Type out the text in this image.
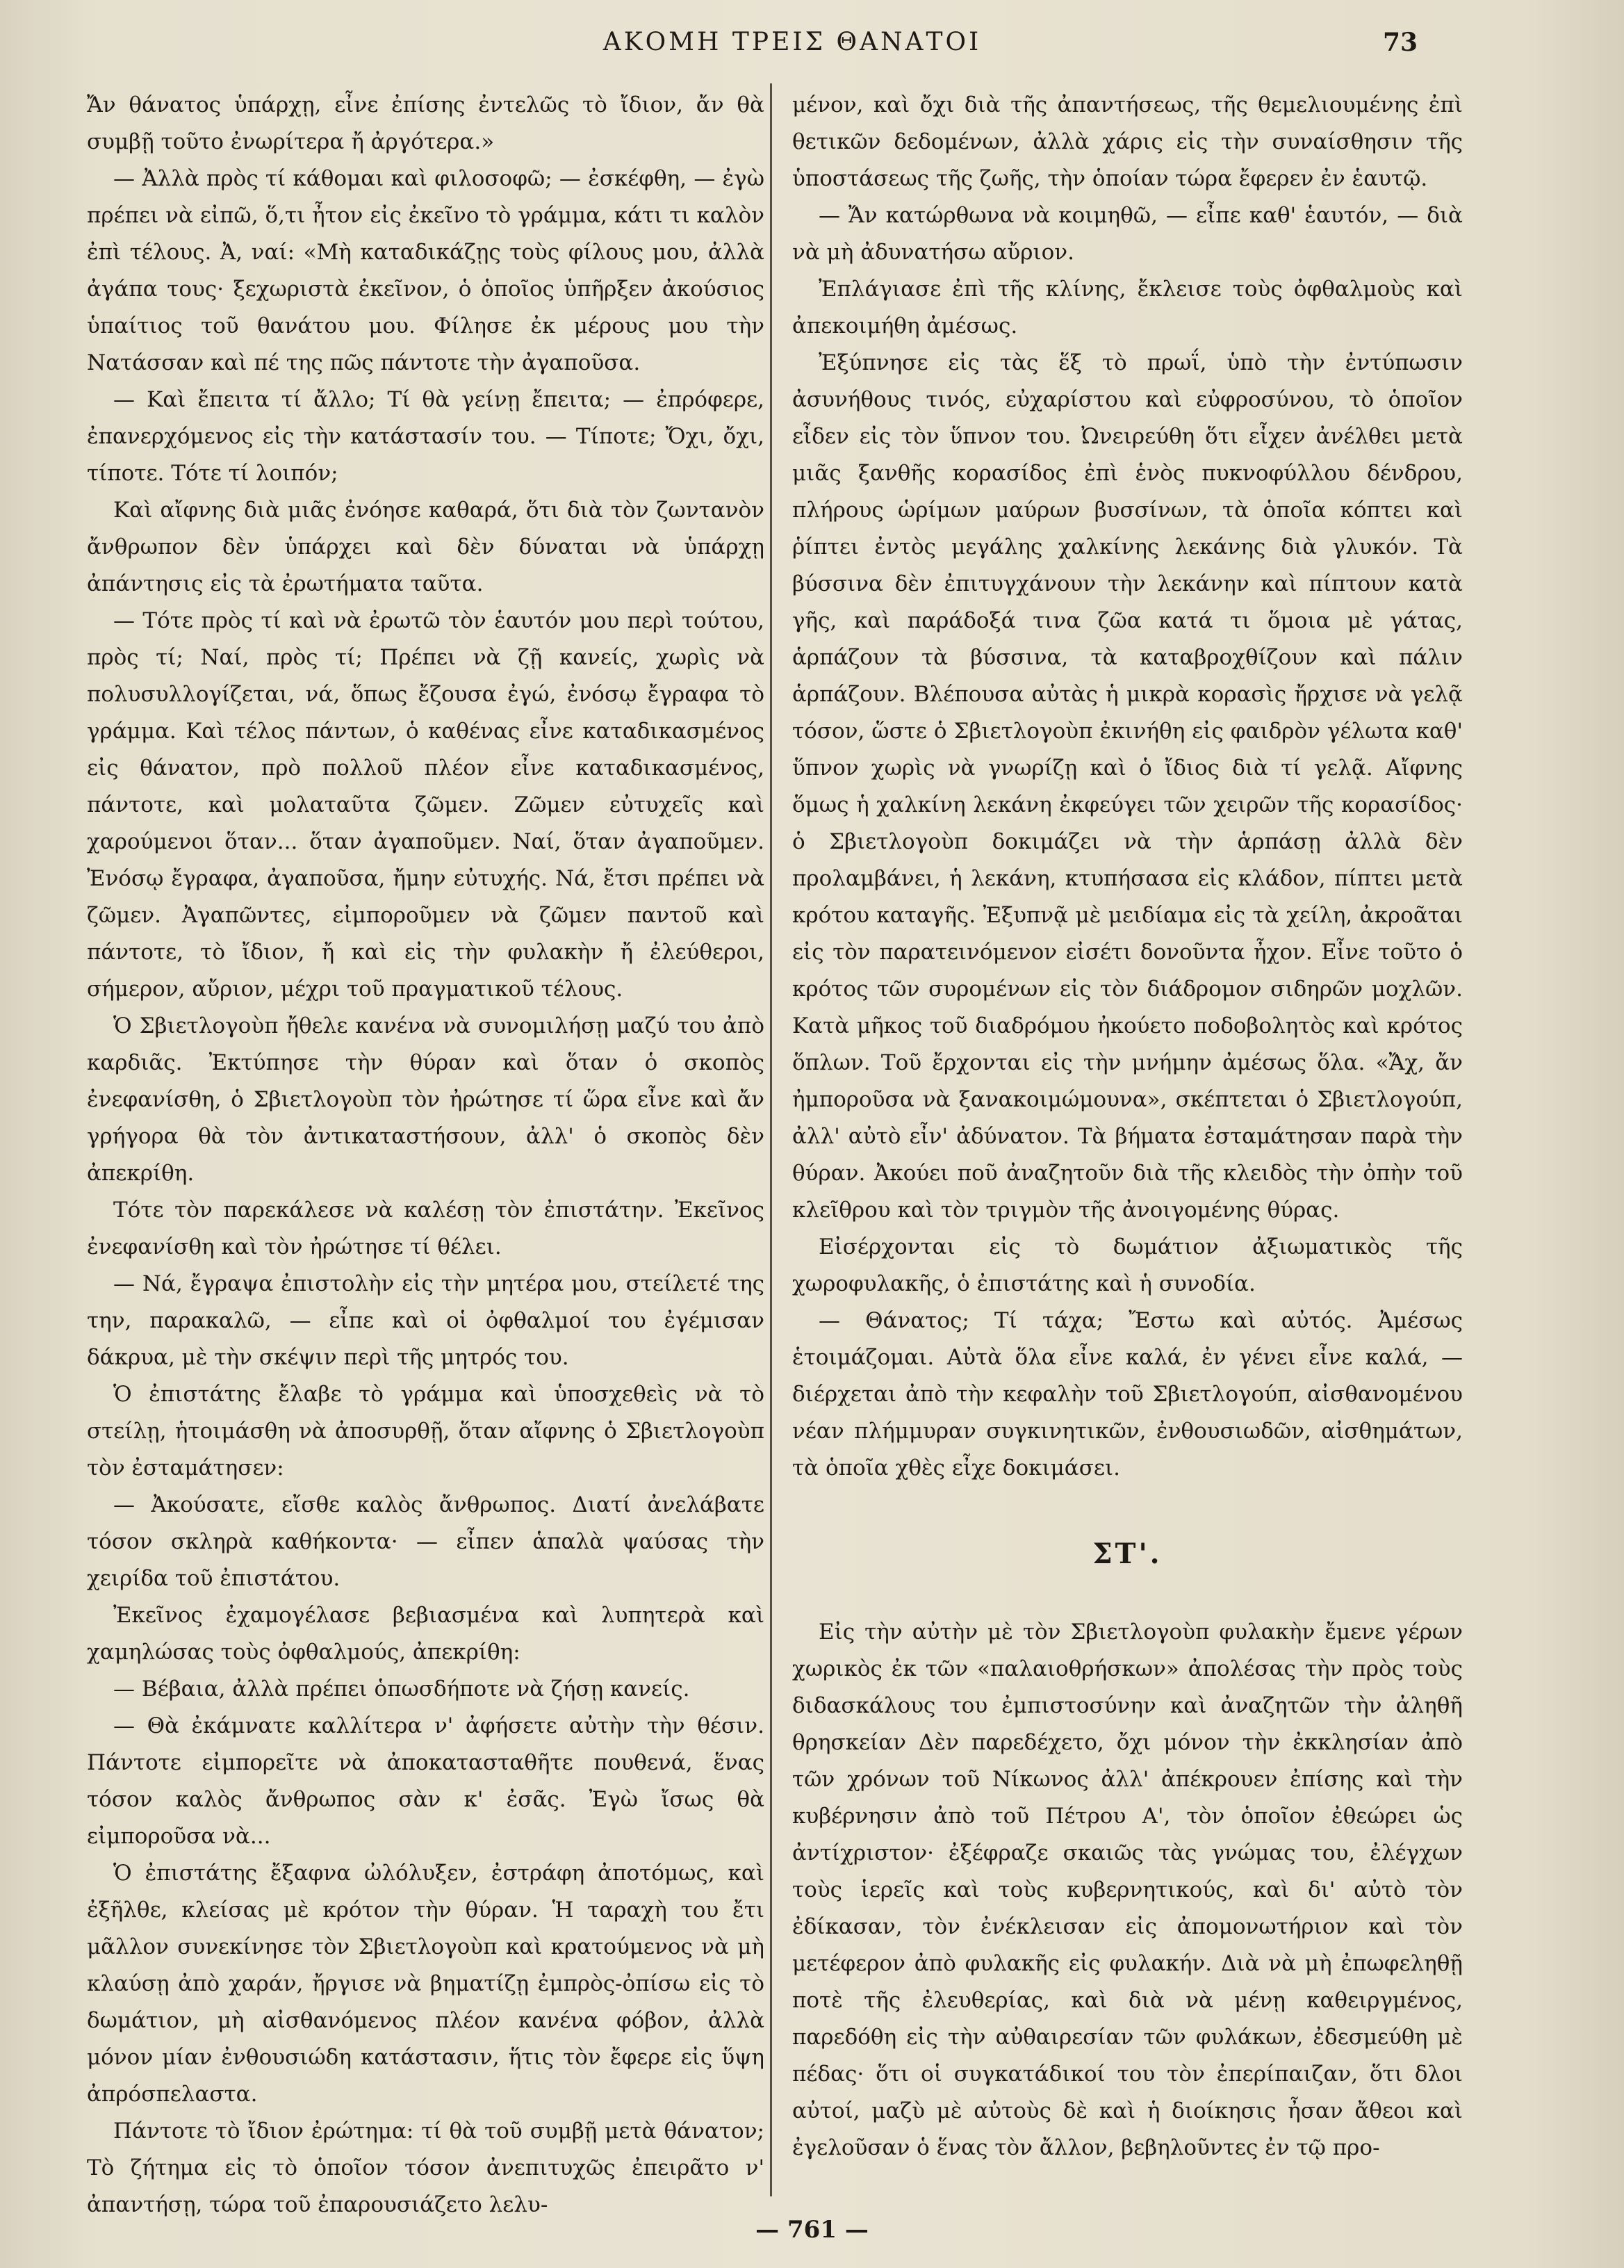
ΑΚΟΜΗ ΤΡΕΙΣ ΘΑΝΑΤΟΙ	73

Ἄν θάνατος ὑπάρχῃ, εἶνε ἐπίσης ἐντελῶς τὸ ἴδιον, ἄν θὰ συμβῇ τοῦτο ἐνωρίτερα ἤ ἀργότερα.»

— Ἀλλὰ πρὸς τί κάθομαι καὶ φιλοσοφῶ; — ἐσκέφθη, — ἐγὼ πρέπει νὰ εἰπῶ, ὅ,τι ἦτον εἰς ἐκεῖνο τὸ γράμμα, κάτι τι καλὸν ἐπὶ τέλους. Ἀ, ναί: «Μὴ καταδικάζῃς τοὺς φίλους μου, ἀλλὰ ἀγάπα τους· ξεχωριστὰ ἐκεῖνον, ὁ ὁποῖος ὑπῆρξεν ἀκούσιος ὑπαίτιος τοῦ θανάτου μου. Φίλησε ἐκ μέρους μου τὴν Νατάσσαν καὶ πέ της πῶς πάντοτε τὴν ἀγαποῦσα.

— Καὶ ἔπειτα τί ἄλλο; Τί θὰ γείνῃ ἔπειτα; — ἐπρόφερε, ἐπανερχόμενος εἰς τὴν κατάστασίν του. — Τίποτε; Ὄχι, ὄχι, τίποτε. Τότε τί λοιπόν;

Καὶ αἴφνης διὰ μιᾶς ἐνόησε καθαρά, ὅτι διὰ τὸν ζωντανὸν ἄνθρωπον δὲν ὑπάρχει καὶ δὲν δύναται νὰ ὑπάρχῃ ἀπάντησις εἰς τὰ ἐρωτήματα ταῦτα.

— Τότε πρὸς τί καὶ νὰ ἐρωτῶ τὸν ἑαυτόν μου περὶ τούτου, πρὸς τί; Ναί, πρὸς τί; Πρέπει νὰ ζῇ κανείς, χωρὶς νὰ πολυσυλλογίζεται, νά, ὅπως ἔζουσα ἐγώ, ἐνόσῳ ἔγραφα τὸ γράμμα. Καὶ τέλος πάντων, ὁ καθένας εἶνε καταδικασμένος εἰς θάνατον, πρὸ πολλοῦ πλέον εἶνε καταδικασμένος, πάντοτε, καὶ μολαταῦτα ζῶμεν. Ζῶμεν εὐτυχεῖς καὶ χαρούμενοι ὅταν... ὅταν ἀγαποῦμεν. Ναί, ὅταν ἀγαποῦμεν. Ἐνόσῳ ἔγραφα, ἀγαποῦσα, ἤμην εὐτυχής. Νά, ἔτσι πρέπει νὰ ζῶμεν. Ἀγαπῶντες, εἰμποροῦμεν νὰ ζῶμεν παντοῦ καὶ πάντοτε, τὸ ἴδιον, ἤ καὶ εἰς τὴν φυλακὴν ἤ ἐλεύθεροι, σήμερον, αὔριον, μέχρι τοῦ πραγματικοῦ τέλους.

Ὁ Σβιετλογοὺπ ἤθελε κανένα νὰ συνομιλήσῃ μαζύ του ἀπὸ καρδιᾶς. Ἐκτύπησε τὴν θύραν καὶ ὅταν ὁ σκοπὸς ἐνεφανίσθη, ὁ Σβιετλογοὺπ τὸν ἠρώτησε τί ὥρα εἶνε καὶ ἄν γρήγορα θὰ τὸν ἀντικαταστήσουν, ἀλλ' ὁ σκοπὸς δὲν ἀπεκρίθη.

Τότε τὸν παρεκάλεσε νὰ καλέσῃ τὸν ἐπιστάτην. Ἐκεῖνος ἐνεφανίσθη καὶ τὸν ἠρώτησε τί θέλει.

— Νά, ἔγραψα ἐπιστολὴν εἰς τὴν μητέρα μου, στείλετέ της την, παρακαλῶ, — εἶπε καὶ οἱ ὀφθαλμοί του ἐγέμισαν δάκρυα, μὲ τὴν σκέψιν περὶ τῆς μητρός του.

Ὁ ἐπιστάτης ἔλαβε τὸ γράμμα καὶ ὑποσχεθεὶς νὰ τὸ στείλῃ, ἡτοιμάσθη νὰ ἀποσυρθῇ, ὅταν αἴφνης ὁ Σβιετλογοὺπ τὸν ἐσταμάτησεν:

— Ἀκούσατε, εἴσθε καλὸς ἄνθρωπος. Διατί ἀνελάβατε τόσον σκληρὰ καθήκοντα· — εἶπεν ἁπαλὰ ψαύσας τὴν χειρίδα τοῦ ἐπιστάτου.

Ἐκεῖνος ἐχαμογέλασε βεβιασμένα καὶ λυπητερὰ καὶ χαμηλώσας τοὺς ὀφθαλμούς, ἀπεκρίθη:

— Βέβαια, ἀλλὰ πρέπει ὁπωσδήποτε νὰ ζήσῃ κανείς.

— Θὰ ἐκάμνατε καλλίτερα ν' ἀφήσετε αὐτὴν τὴν θέσιν. Πάντοτε εἰμπορεῖτε νὰ ἀποκατασταθῆτε πουθενά, ἕνας τόσον καλὸς ἄνθρωπος σὰν κ' ἐσᾶς. Ἐγὼ ἴσως θὰ εἰμποροῦσα νὰ...

Ὁ ἐπιστάτης ἔξαφνα ὠλόλυξεν, ἐστράφη ἀποτόμως, καὶ ἐξῆλθε, κλείσας μὲ κρότον τὴν θύραν. Ἡ ταραχὴ του ἔτι μᾶλλον συνεκίνησε τὸν Σβιετλογοὺπ καὶ κρατούμενος νὰ μὴ κλαύσῃ ἀπὸ χαράν, ἤργισε νὰ βηματίζῃ ἐμπρὸς-ὀπίσω εἰς τὸ δωμάτιον, μὴ αἰσθανόμενος πλέον κανένα φόβον, ἀλλὰ μόνον μίαν ἐνθουσιώδη κατάστασιν, ἥτις τὸν ἔφερε εἰς ὕψη ἀπρόσπελαστα.

Πάντοτε τὸ ἴδιον ἐρώτημα: τί θὰ τοῦ συμβῇ μετὰ θάνατον; Τὸ ζήτημα εἰς τὸ ὁποῖον τόσον ἀνεπιτυχῶς ἐπειρᾶτο ν' ἀπαντήσῃ, τώρα τοῦ ἐπαρουσιάζετο λελυ-

μένον, καὶ ὄχι διὰ τῆς ἀπαντήσεως, τῆς θεμελιουμένης ἐπὶ θετικῶν δεδομένων, ἀλλὰ χάρις εἰς τὴν συναίσθησιν τῆς ὑποστάσεως τῆς ζωῆς, τὴν ὁποίαν τώρα ἔφερεν ἐν ἑαυτῷ.

— Ἄν κατώρθωνα νὰ κοιμηθῶ, — εἶπε καθ' ἑαυτόν, — διὰ νὰ μὴ ἀδυνατήσω αὔριον.

Ἐπλάγιασε ἐπὶ τῆς κλίνης, ἔκλεισε τοὺς ὀφθαλμοὺς καὶ ἀπεκοιμήθη ἀμέσως.

Ἐξύπνησε εἰς τὰς ἕξ τὸ πρωΐ, ὑπὸ τὴν ἐντύπωσιν ἀσυνήθους τινός, εὐχαρίστου καὶ εὐφροσύνου, τὸ ὁποῖον εἶδεν εἰς τὸν ὕπνον του. Ὠνειρεύθη ὅτι εἶχεν ἀνέλθει μετὰ μιᾶς ξανθῆς κορασίδος ἐπὶ ἑνὸς πυκνοφύλλου δένδρου, πλήρους ὡρίμων μαύρων βυσσίνων, τὰ ὁποῖα κόπτει καὶ ῥίπτει ἐντὸς μεγάλης χαλκίνης λεκάνης διὰ γλυκόν. Τὰ βύσσινα δὲν ἐπιτυγχάνουν τὴν λεκάνην καὶ πίπτουν κατὰ γῆς, καὶ παράδοξά τινα ζῶα κατά τι ὅμοια μὲ γάτας, ἁρπάζουν τὰ βύσσινα, τὰ καταβροχθίζουν καὶ πάλιν ἁρπάζουν. Βλέπουσα αὐτὰς ἡ μικρὰ κορασὶς ἤρχισε νὰ γελᾷ τόσον, ὥστε ὁ Σβιετλογοὺπ ἐκινήθη εἰς φαιδρὸν γέλωτα καθ' ὕπνον χωρὶς νὰ γνωρίζῃ καὶ ὁ ἴδιος διὰ τί γελᾷ. Αἴφνης ὅμως ἡ χαλκίνη λεκάνη ἐκφεύγει τῶν χειρῶν τῆς κορασίδος· ὁ Σβιετλογοὺπ δοκιμάζει νὰ τὴν ἁρπάσῃ ἀλλὰ δὲν προλαμβάνει, ἡ λεκάνη, κτυπήσασα εἰς κλάδον, πίπτει μετὰ κρότου καταγῆς. Ἐξυπνᾷ μὲ μειδίαμα εἰς τὰ χείλη, ἀκροᾶται εἰς τὸν παρατεινόμενον εἰσέτι δονοῦντα ἦχον. Εἶνε τοῦτο ὁ κρότος τῶν συρομένων εἰς τὸν διάδρομον σιδηρῶν μοχλῶν. Κατὰ μῆκος τοῦ διαδρόμου ἠκούετο ποδοβολητὸς καὶ κρότος ὅπλων. Τοῦ ἔρχονται εἰς τὴν μνήμην ἀμέσως ὅλα. «Ἄχ, ἄν ἠμποροῦσα νὰ ξανακοιμώμουνα», σκέπτεται ὁ Σβιετλογούπ, ἀλλ' αὐτὸ εἶν' ἀδύνατον. Τὰ βήματα ἐσταμάτησαν παρὰ τὴν θύραν. Ἀκούει ποῦ ἀναζητοῦν διὰ τῆς κλειδὸς τὴν ὀπὴν τοῦ κλεῖθρου καὶ τὸν τριγμὸν τῆς ἀνοιγομένης θύρας.

Εἰσέρχονται εἰς τὸ δωμάτιον ἀξιωματικὸς τῆς χωροφυλακῆς, ὁ ἐπιστάτης καὶ ἡ συνοδία.

— Θάνατος; Τί τάχα; Ἔστω καὶ αὐτός. Ἀμέσως ἑτοιμάζομαι. Αὐτὰ ὅλα εἶνε καλά, ἐν γένει εἶνε καλά, — διέρχεται ἀπὸ τὴν κεφαλὴν τοῦ Σβιετλογούπ, αἰσθανομένου νέαν πλήμμυραν συγκινητικῶν, ἐνθουσιωδῶν, αἰσθημάτων, τὰ ὁποῖα χθὲς εἶχε δοκιμάσει.

ΣΤ'.

Εἰς τὴν αὐτὴν μὲ τὸν Σβιετλογοὺπ φυλακὴν ἔμενε γέρων χωρικὸς ἐκ τῶν «παλαιοθρήσκων» ἀπολέσας τὴν πρὸς τοὺς διδασκάλους του ἐμπιστοσύνην καὶ ἀναζητῶν τὴν ἀληθῆ θρησκείαν Δὲν παρεδέχετο, ὄχι μόνον τὴν ἐκκλησίαν ἀπὸ τῶν χρόνων τοῦ Νίκωνος ἀλλ' ἀπέκρουεν ἐπίσης καὶ τὴν κυβέρνησιν ἀπὸ τοῦ Πέτρου Α', τὸν ὁποῖον ἐθεώρει ὡς ἀντίχριστον· ἐξέφραζε σκαιῶς τὰς γνώμας του, ἐλέγχων τοὺς ἱερεῖς καὶ τοὺς κυβερνητικούς, καὶ δι' αὐτὸ τὸν ἐδίκασαν, τὸν ἐνέκλεισαν εἰς ἀπομονωτήριον καὶ τὸν μετέφερον ἀπὸ φυλακῆς εἰς φυλακήν. Διὰ νὰ μὴ ἐπωφεληθῇ ποτὲ τῆς ἐλευθερίας, καὶ διὰ νὰ μένῃ καθειργμένος, παρεδόθη εἰς τὴν αὐθαιρεσίαν τῶν φυλάκων, ἐδεσμεύθη μὲ πέδας· ὅτι οἱ συγκατάδικοί του τὸν ἐπερίπαιζαν, ὅτι δλοι αὐτοί, μαζὺ μὲ αὐτοὺς δὲ καὶ ἡ διοίκησις ἦσαν ἄθεοι καὶ ἐγελοῦσαν ὁ ἕνας τὸν ἄλλον, βεβηλοῦντες ἐν τῷ προ-

— 761 —
